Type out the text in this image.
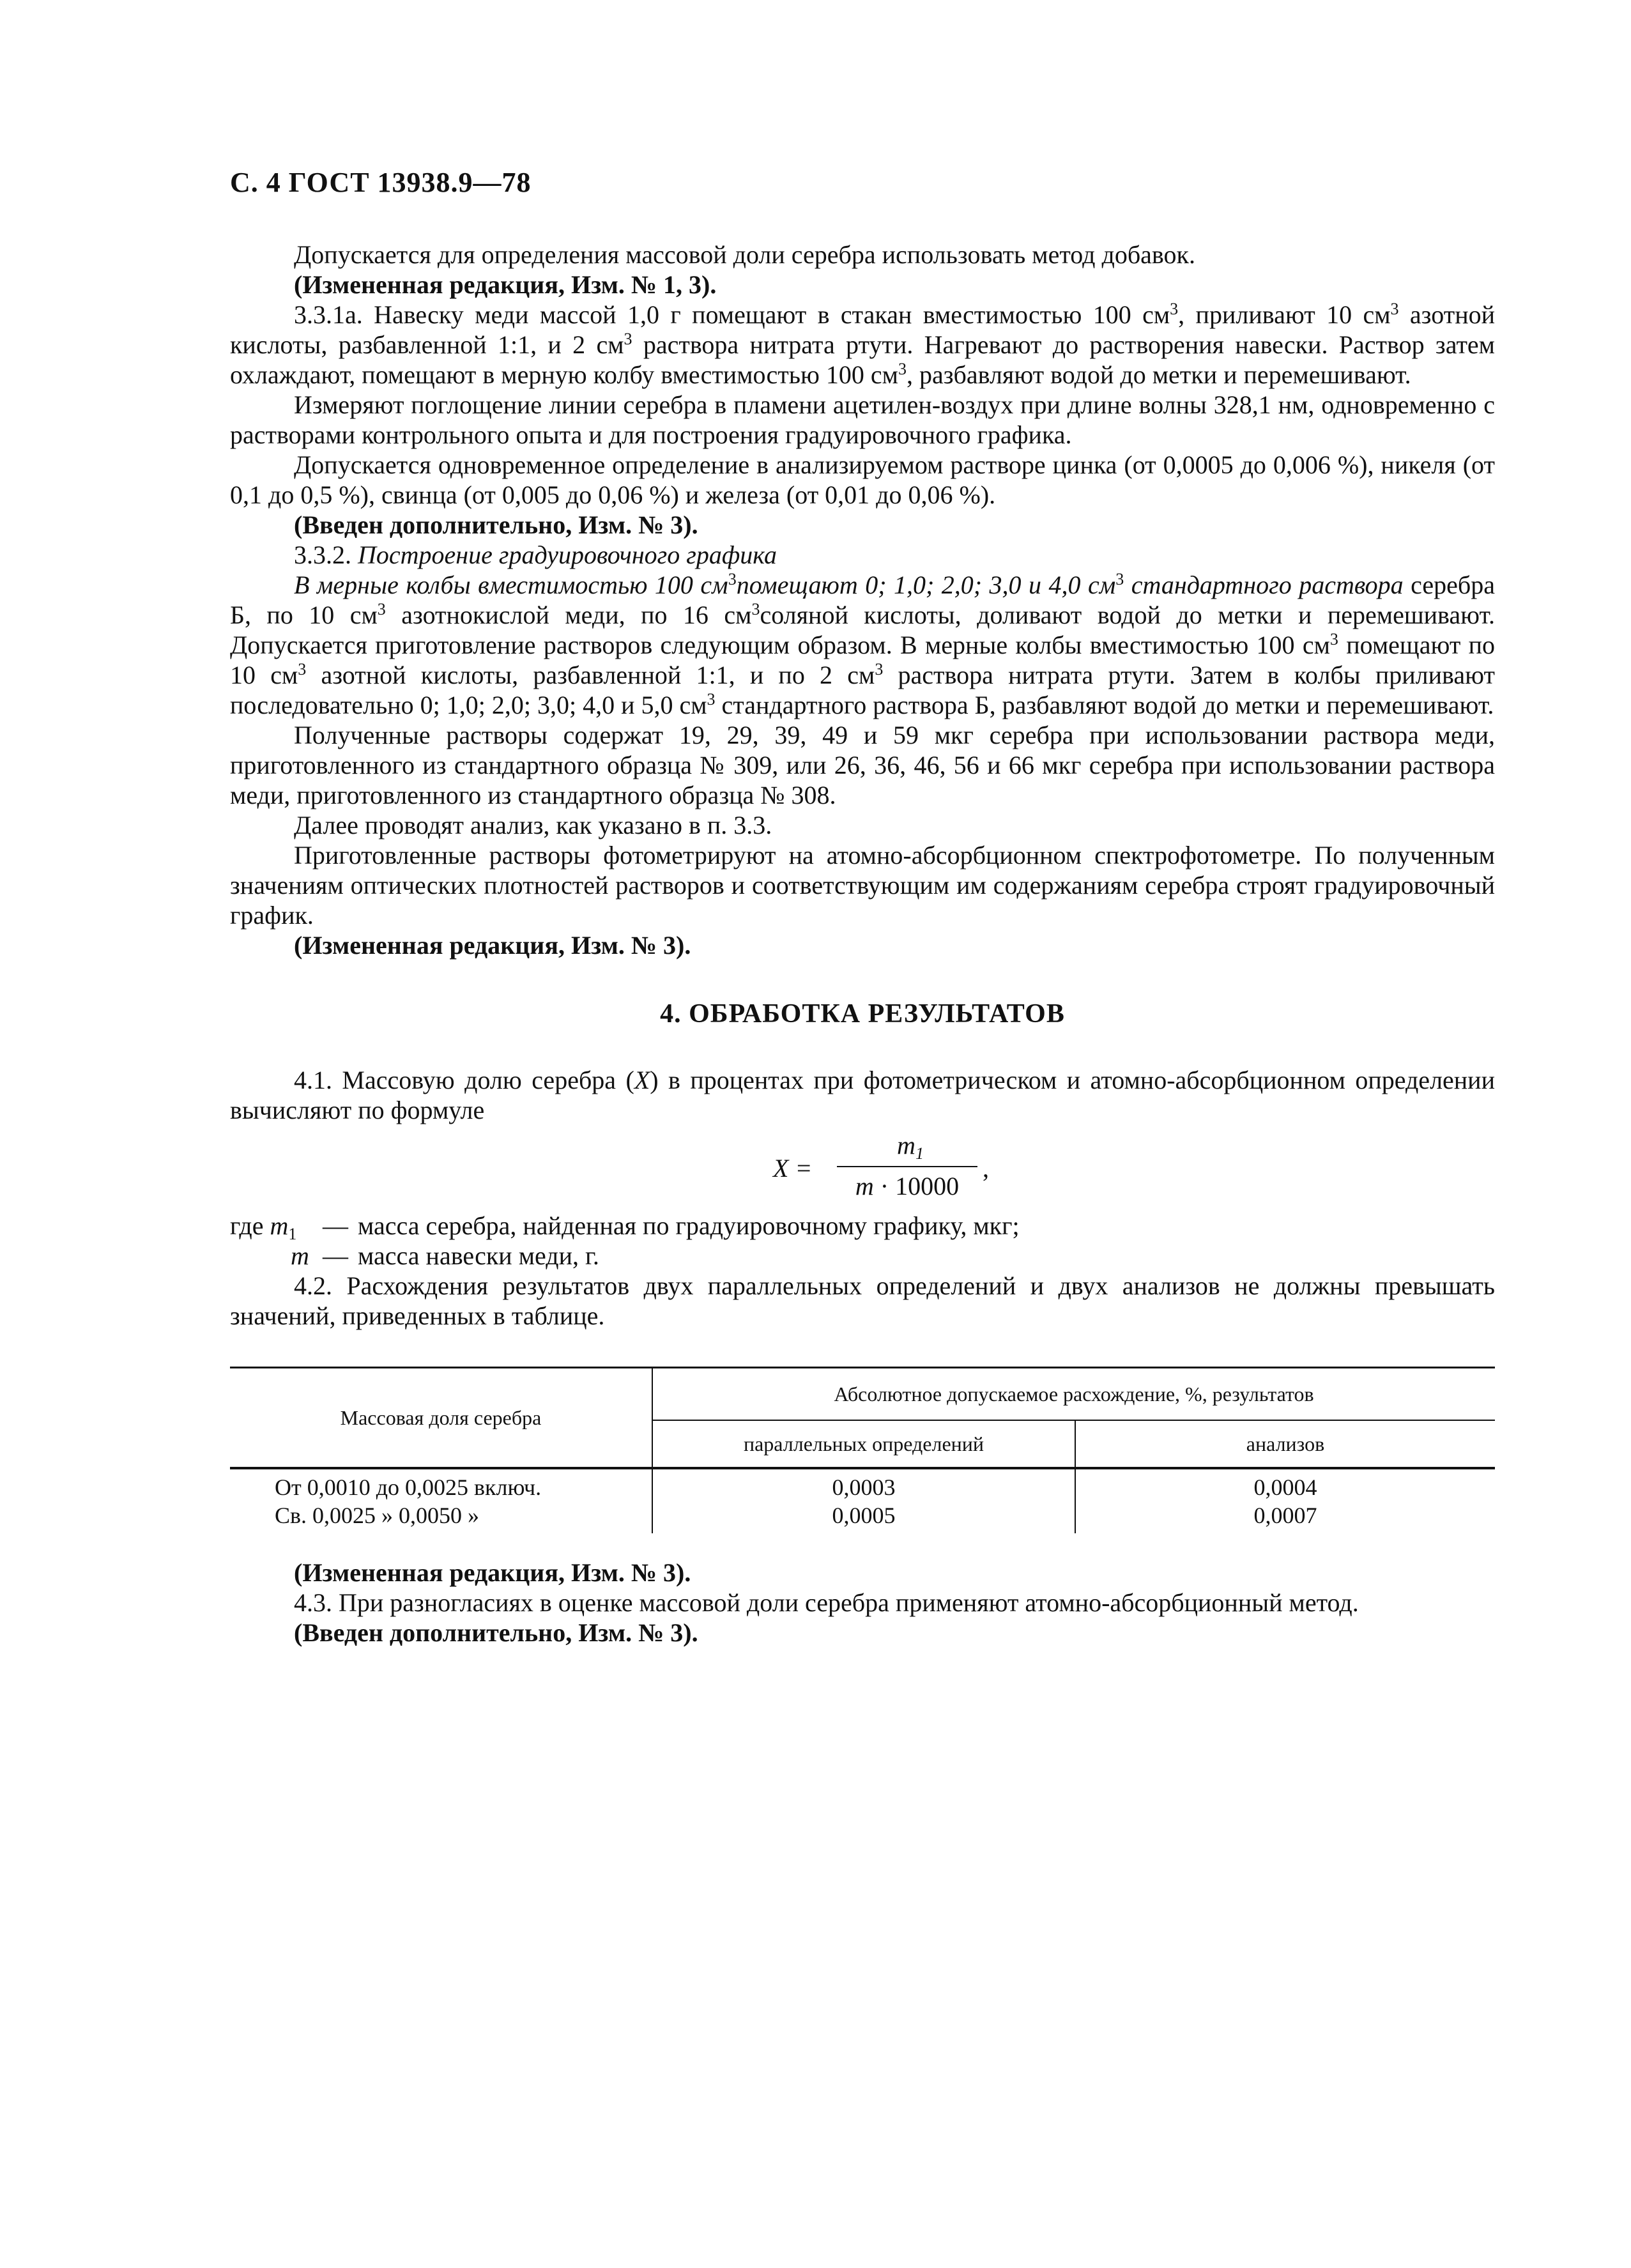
С. 4 ГОСТ 13938.9—78

Допускается для определения массовой доли серебра использовать метод добавок.

(Измененная редакция, Изм. № 1, 3).

3.3.1а. Навеску меди массой 1,0 г помещают в стакан вместимостью 100 $см^3$, приливают 10 $см^3$ азотной кислоты, разбавленной 1:1, и 2 $см^3$ раствора нитрата ртути. Нагревают до растворения навески. Раствор затем охлаждают, помещают в мерную колбу вместимостью 100 $см^3$, разбавляют водой до метки и перемешивают.

Измеряют поглощение линии серебра в пламени ацетилен-воздух при длине волны 328,1 нм, одновременно с растворами контрольного опыта и для построения градуировочного графика.

Допускается одновременное определение в анализируемом растворе цинка (от 0,0005 до 0,006 %), никеля (от 0,1 до 0,5 %), свинца (от 0,005 до 0,06 %) и железа (от 0,01 до 0,06 %).

(Введен дополнительно, Изм. № 3).

3.3.2. Построение градуировочного графика

В мерные колбы вместимостью 100 $см^3помещают$ 0; 1,0; 2,0; 3,0 и 4,0 $см^3$ стандартного раствора серебра Б, по 10 $см^3$ азотнокислой меди, по 16 $см^3соляной$ кислоты, доливают водой до метки и перемешивают. Допускается приготовление растворов следующим образом. В мерные колбы вместимостью 100 $см^3$ помещают по 10 $см^3$ азотной кислоты, разбавленной 1:1, и по 2 $см^3$ раствора нитрата ртути. Затем в колбы приливают последовательно 0; 1,0; 2,0; 3,0; 4,0 и 5,0 $см^3$ стандартного раствора Б, разбавляют водой до метки и перемешивают.

Полученные растворы содержат 19, 29, 39, 49 и 59 мкг серебра при использовании раствора меди, приготовленного из стандартного образца № 309, или 26, 36, 46, 56 и 66 мкг серебра при использовании раствора меди, приготовленного из стандартного образца № 308.

Далее проводят анализ, как указано в п. 3.3.

Приготовленные растворы фотометрируют на атомно-абсорбционном спектрофотометре. По полученным значениям оптических плотностей растворов и соответствующим им содержаниям серебра строят градуировочный график.

(Измененная редакция, Изм. № 3).

4. ОБРАБОТКА РЕЗУЛЬТАТОВ

4.1. Массовую долю серебра (X) в процентах при фотометрическом и атомно-абсорбционном определении вычисляют по формуле

X =
$m_1$
m · 10000
,
где $m_1$ — масса серебра, найденная по градуировочному графику, мкг;
m — масса навески меди, г.

4.2. Расхождения результатов двух параллельных определений и двух анализов не должны превышать значений, приведенных в таблице.

Массовая доля серебра	Абсолютное допускаемое расхождение, %, результатов	
	параллельных определений	анализов
От 0,0010 до 0,0025 включ.	0,0003	0,0004
Св. 0,0025 » 0,0050 »	0,0005	0,0007

(Измененная редакция, Изм. № 3).

4.3. При разногласиях в оценке массовой доли серебра применяют атомно-абсорбционный метод.

(Введен дополнительно, Изм. № 3).
